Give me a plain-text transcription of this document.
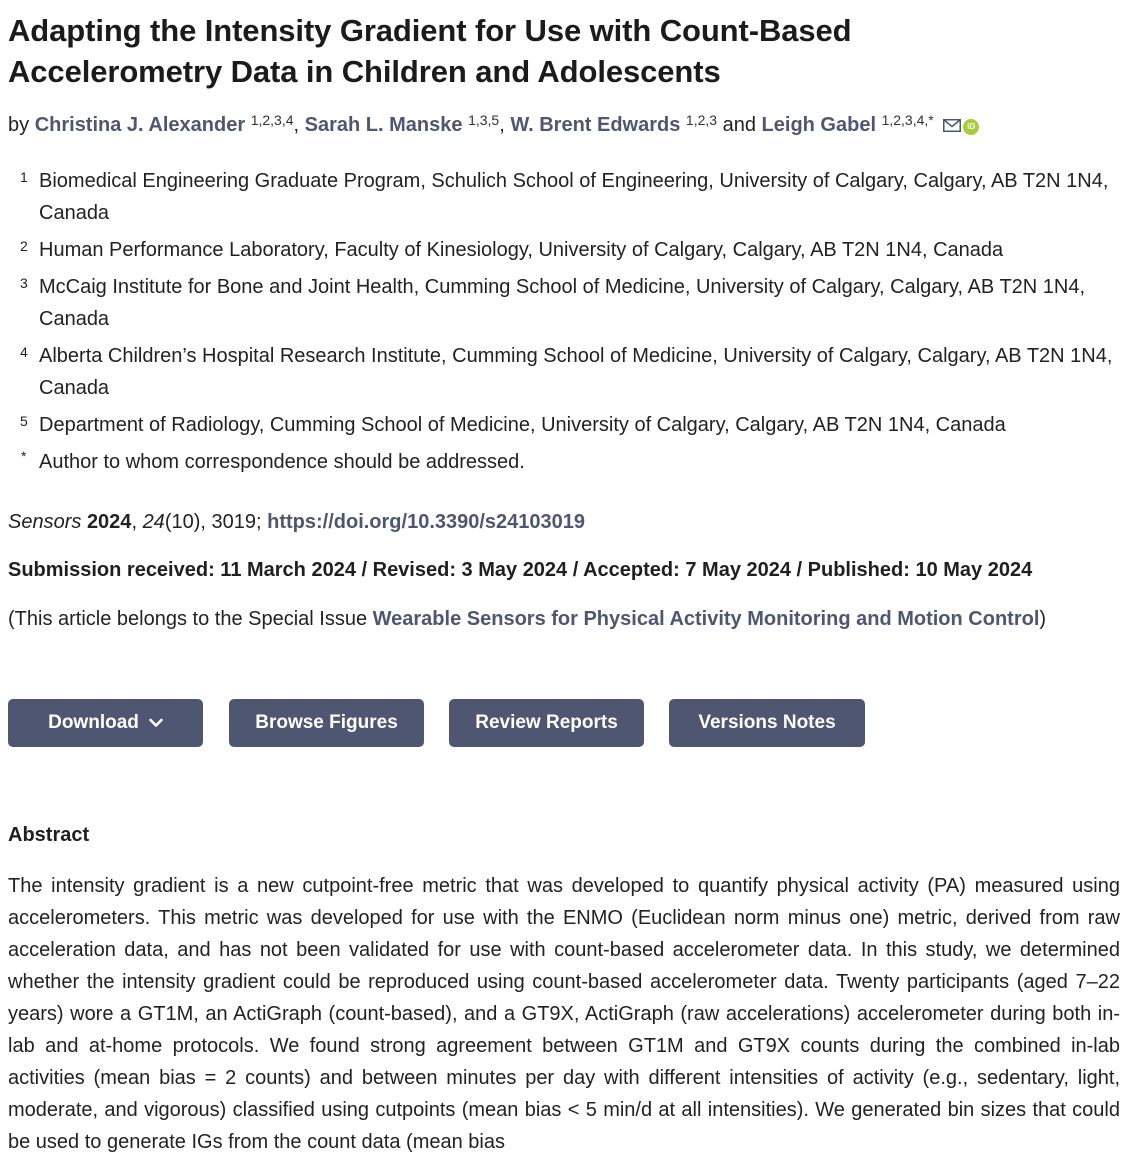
Adapting the Intensity Gradient for Use with Count-Based
Accelerometry Data in Children and Adolescents
by Christina J. Alexander $^{1,2,3,4}$, Sarah L. Manske $^{1,3,5}$, W. Brent Edwards $^{1,2,3}$ and Leigh Gabel $^{1,2,3,4,*}$	iD
1 Biomedical Engineering Graduate Program, Schulich School of Engineering, University of Calgary, Calgary, AB T2N 1N4, Canada
2 Human Performance Laboratory, Faculty of Kinesiology, University of Calgary, Calgary, AB T2N 1N4, Canada
3 McCaig Institute for Bone and Joint Health, Cumming School of Medicine, University of Calgary, Calgary, AB T2N 1N4, Canada
4 Alberta Children’s Hospital Research Institute, Cumming School of Medicine, University of Calgary, Calgary, AB T2N 1N4, Canada
5 Department of Radiology, Cumming School of Medicine, University of Calgary, Calgary, AB T2N 1N4, Canada
* Author to whom correspondence should be addressed.
Sensors 2024, 24(10), 3019; https://doi.org/10.3390/s24103019
Submission received: 11 March 2024 / Revised: 3 May 2024 / Accepted: 7 May 2024 / Published: 10 May 2024
(This article belongs to the Special Issue Wearable Sensors for Physical Activity Monitoring and Motion Control)
Download	Browse Figures	Review Reports	Versions Notes
Abstract
The intensity gradient is a new cutpoint-free metric that was developed to quantify physical activity (PA) measured using accelerometers. This metric was developed for use with the ENMO (Euclidean norm minus one) metric, derived from raw acceleration data, and has not been validated for use with count-based accelerometer data. In this study, we determined whether the intensity gradient could be reproduced using count-based accelerometer data. Twenty participants (aged 7–22 years) wore a GT1M, an ActiGraph (count-based), and a GT9X, ActiGraph (raw accelerations) accelerometer during both in-lab and at-home protocols. We found strong agreement between GT1M and GT9X counts during the combined in-lab activities (mean bias = 2 counts) and between minutes per day with different intensities of activity (e.g., sedentary, light, moderate, and vigorous) classified using cutpoints (mean bias < 5 min/d at all intensities). We generated bin sizes that could be used to generate IGs from the count data (mean bias
